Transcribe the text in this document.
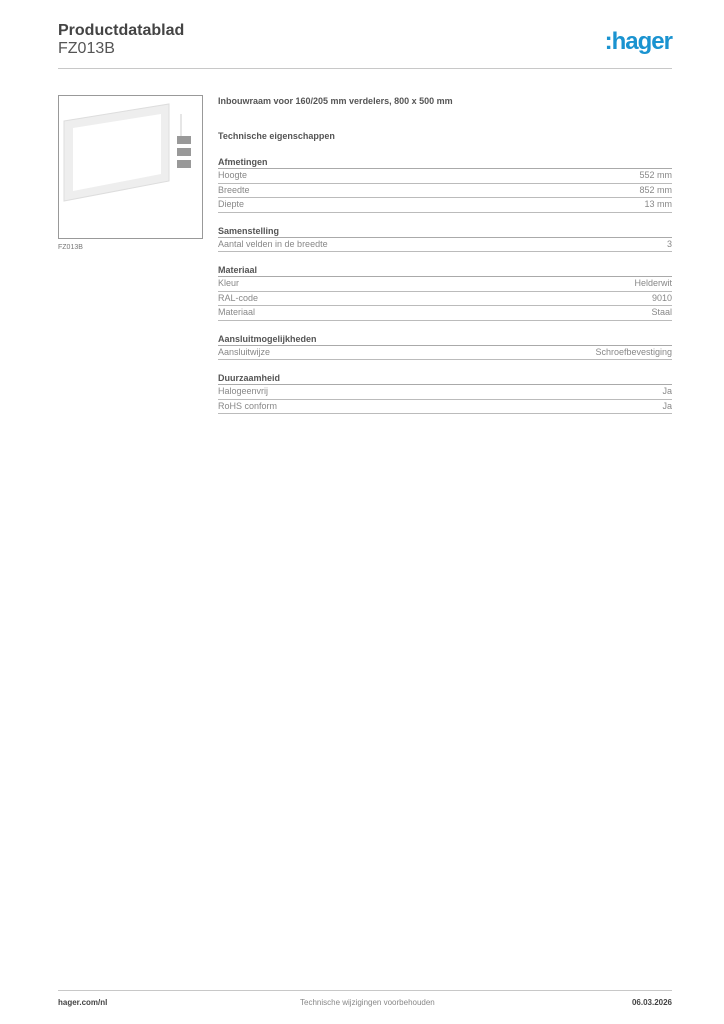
Productdatablad
FZ013B	:hager
FZ013B
Inbouwraam voor 160/205 mm verdelers, 800 x 500 mm
Technische eigenschappen
Afmetingen
Hoogte	552 mm
Breedte	852 mm
Diepte	13 mm
Samenstelling
Aantal velden in de breedte	3
Materiaal
Kleur	Helderwit
RAL-code	9010
Materiaal	Staal
Aansluitmogelijkheden
Aansluitwijze	Schroefbevestiging
Duurzaamheid
Halogeenvrij	Ja
RoHS conform	Ja
hager.com/nl	Technische wijzigingen voorbehouden	06.03.2026
